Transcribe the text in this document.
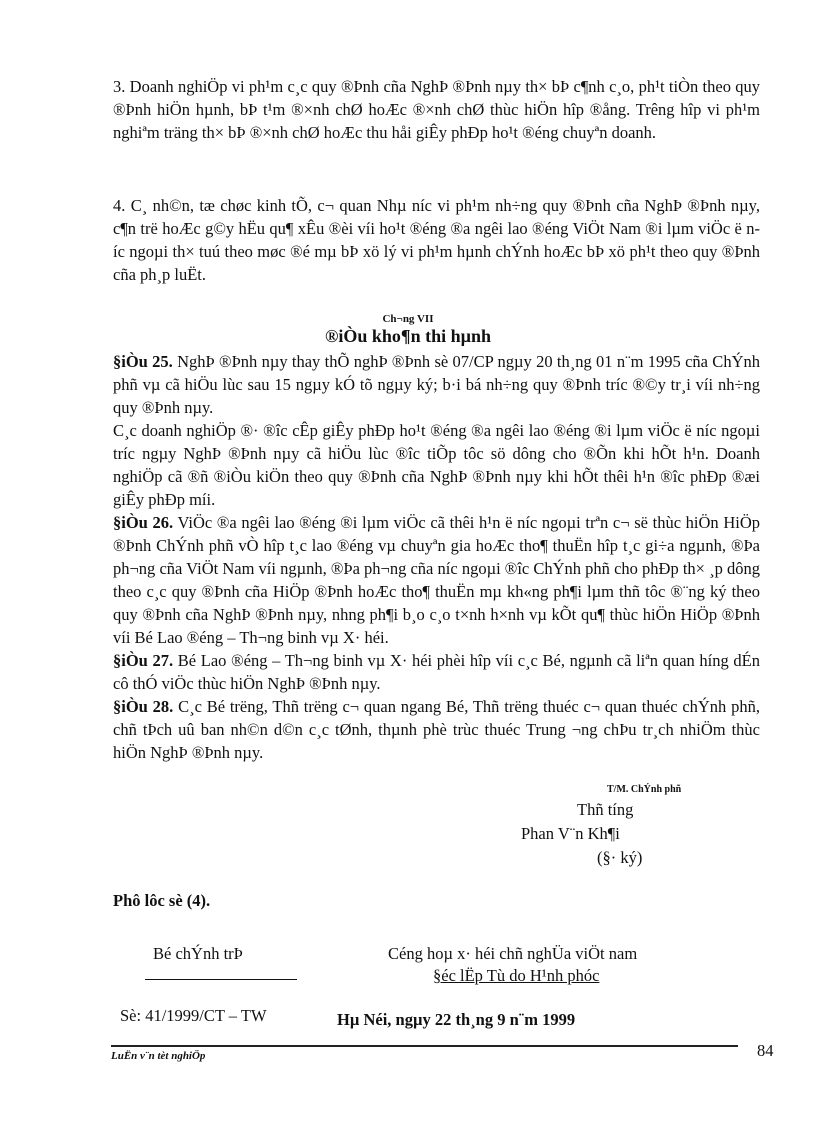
3. Doanh nghiÖp vi ph¹m c¸c quy ®Þnh cña NghÞ ®Þnh nµy th× bÞ c¶nh c¸o, ph¹t tiÒn theo quy ®Þnh hiÖn hµnh, bÞ t¹m ®×nh chØ hoÆc ®×nh chØ thùc hiÖn hîp ®ång. Trêng hîp vi ph¹m nghiªm träng th× bÞ ®×nh chØ hoÆc thu håi giÊy phÐp ho¹t ®éng chuyªn doanh.

4. C¸ nh©n, tæ chøc kinh tÕ, c¬ quan Nhµ níc vi ph¹m nh÷ng quy ®Þnh cña NghÞ ®Þnh nµy, c¶n trë hoÆc g©y hËu qu¶ xÊu ®èi víi ho¹t ®éng ®a ngêi lao ®éng ViÖt Nam ®i lµm viÖc ë níc ngoµi th× tuú theo møc ®é mµ bÞ xö lý vi ph¹m hµnh chÝnh hoÆc bÞ xö ph¹t theo quy ®Þnh cña ph¸p luËt.

Ch¬ng VII
®iÒu kho¶n thi hµnh

§iÒu 25. NghÞ ®Þnh nµy thay thÕ nghÞ ®Þnh sè 07/CP ngµy 20 th¸ng 01 n¨m 1995 cña ChÝnh phñ vµ cã hiÖu lùc sau 15 ngµy kÓ tõ ngµy ký; b·i bá nh÷ng quy ®Þnh tríc ®©y tr¸i víi nh÷ng quy ®Þnh nµy.

C¸c doanh nghiÖp ®· ®îc cÊp giÊy phÐp ho¹t ®éng ®a ngêi lao ®éng ®i lµm viÖc ë níc ngoµi tríc ngµy NghÞ ®Þnh nµy cã hiÖu lùc ®îc tiÕp tôc sö dông cho ®Õn khi hÕt h¹n. Doanh nghiÖp cã ®ñ ®iÒu kiÖn theo quy ®Þnh cña NghÞ ®Þnh nµy khi hÕt thêi h¹n ®îc phÐp ®æi giÊy phÐp míi.

§iÒu 26. ViÖc ®a ngêi lao ®éng ®i lµm viÖc cã thêi h¹n ë níc ngoµi trªn c¬ së thùc hiÖn HiÖp ®Þnh ChÝnh phñ vÒ hîp t¸c lao ®éng vµ chuyªn gia hoÆc tho¶ thuËn hîp t¸c gi÷a ngµnh, ®Þa ph¬ng cña ViÖt Nam víi ngµnh, ®Þa ph¬ng cña níc ngoµi ®îc ChÝnh phñ cho phÐp th× ¸p dông theo c¸c quy ®Þnh cña HiÖp ®Þnh hoÆc tho¶ thuËn mµ kh«ng ph¶i lµm thñ tôc ®¨ng ký theo quy ®Þnh cña NghÞ ®Þnh nµy, nhng ph¶i b¸o c¸o t×nh h×nh vµ kÕt qu¶ thùc hiÖn HiÖp ®Þnh víi Bé Lao ®éng – Th¬ng binh vµ X· héi.

§iÒu 27. Bé Lao ®éng – Th¬ng binh vµ X· héi phèi hîp víi c¸c Bé, ngµnh cã liªn quan híng dÉn cô thÓ viÖc thùc hiÖn NghÞ ®Þnh nµy.

§iÒu 28. C¸c Bé trëng, Thñ trëng c¬ quan ngang Bé, Thñ trëng thuéc c¬ quan thuéc chÝnh phñ, chñ tÞch uû ban nh©n d©n c¸c tØnh, thµnh phè trùc thuéc Trung ¬ng chÞu tr¸ch nhiÖm thùc hiÖn NghÞ ®Þnh nµy.

T/M. ChÝnh phñ
Thñ tíng
Phan V¨n Kh¶i
(§· ký)
Phô lôc sè (4).
Bé chÝnh trÞ	Céng hoµ x· héi chñ nghÜa viÖt nam
§éc lËp Tù do H¹nh phóc
Sè: 41/1999/CT – TW	Hµ Néi, ngµy 22 th¸ng 9 n¨m 1999
LuËn v¨n tèt nghiÖp	84
